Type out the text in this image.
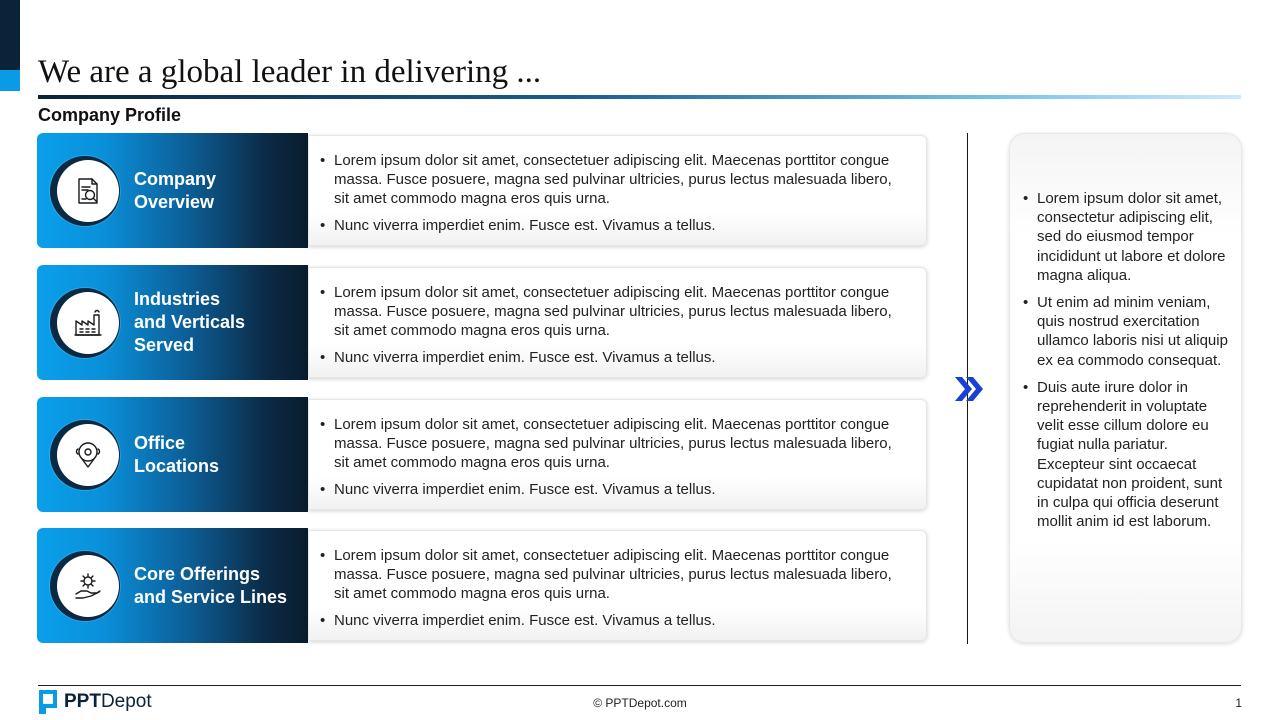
We are a global leader in delivering ...
Company Profile
Company
Overview
• Lorem ipsum dolor sit amet, consectetuer adipiscing elit. Maecenas porttitor congue massa. Fusce posuere, magna sed pulvinar ultricies, purus lectus malesuada libero, sit amet commodo magna eros quis urna.
• Nunc viverra imperdiet enim. Fusce est. Vivamus a tellus.
Industries
and Verticals
Served
• Lorem ipsum dolor sit amet, consectetuer adipiscing elit. Maecenas porttitor congue massa. Fusce posuere, magna sed pulvinar ultricies, purus lectus malesuada libero, sit amet commodo magna eros quis urna.
• Nunc viverra imperdiet enim. Fusce est. Vivamus a tellus.
Office
Locations
• Lorem ipsum dolor sit amet, consectetuer adipiscing elit. Maecenas porttitor congue massa. Fusce posuere, magna sed pulvinar ultricies, purus lectus malesuada libero, sit amet commodo magna eros quis urna.
• Nunc viverra imperdiet enim. Fusce est. Vivamus a tellus.
Core Offerings
and Service Lines
• Lorem ipsum dolor sit amet, consectetuer adipiscing elit. Maecenas porttitor congue massa. Fusce posuere, magna sed pulvinar ultricies, purus lectus malesuada libero, sit amet commodo magna eros quis urna.
• Nunc viverra imperdiet enim. Fusce est. Vivamus a tellus.
• Lorem ipsum dolor sit amet, consectetur adipiscing elit, sed do eiusmod tempor incididunt ut labore et dolore magna aliqua.
• Ut enim ad minim veniam, quis nostrud exercitation ullamco laboris nisi ut aliquip ex ea commodo consequat.
• Duis aute irure dolor in reprehenderit in voluptate velit esse cillum dolore eu fugiat nulla pariatur. Excepteur sint occaecat cupidatat non proident, sunt in culpa qui officia deserunt mollit anim id est laborum.
PPTDepot	© PPTDepot.com	1
